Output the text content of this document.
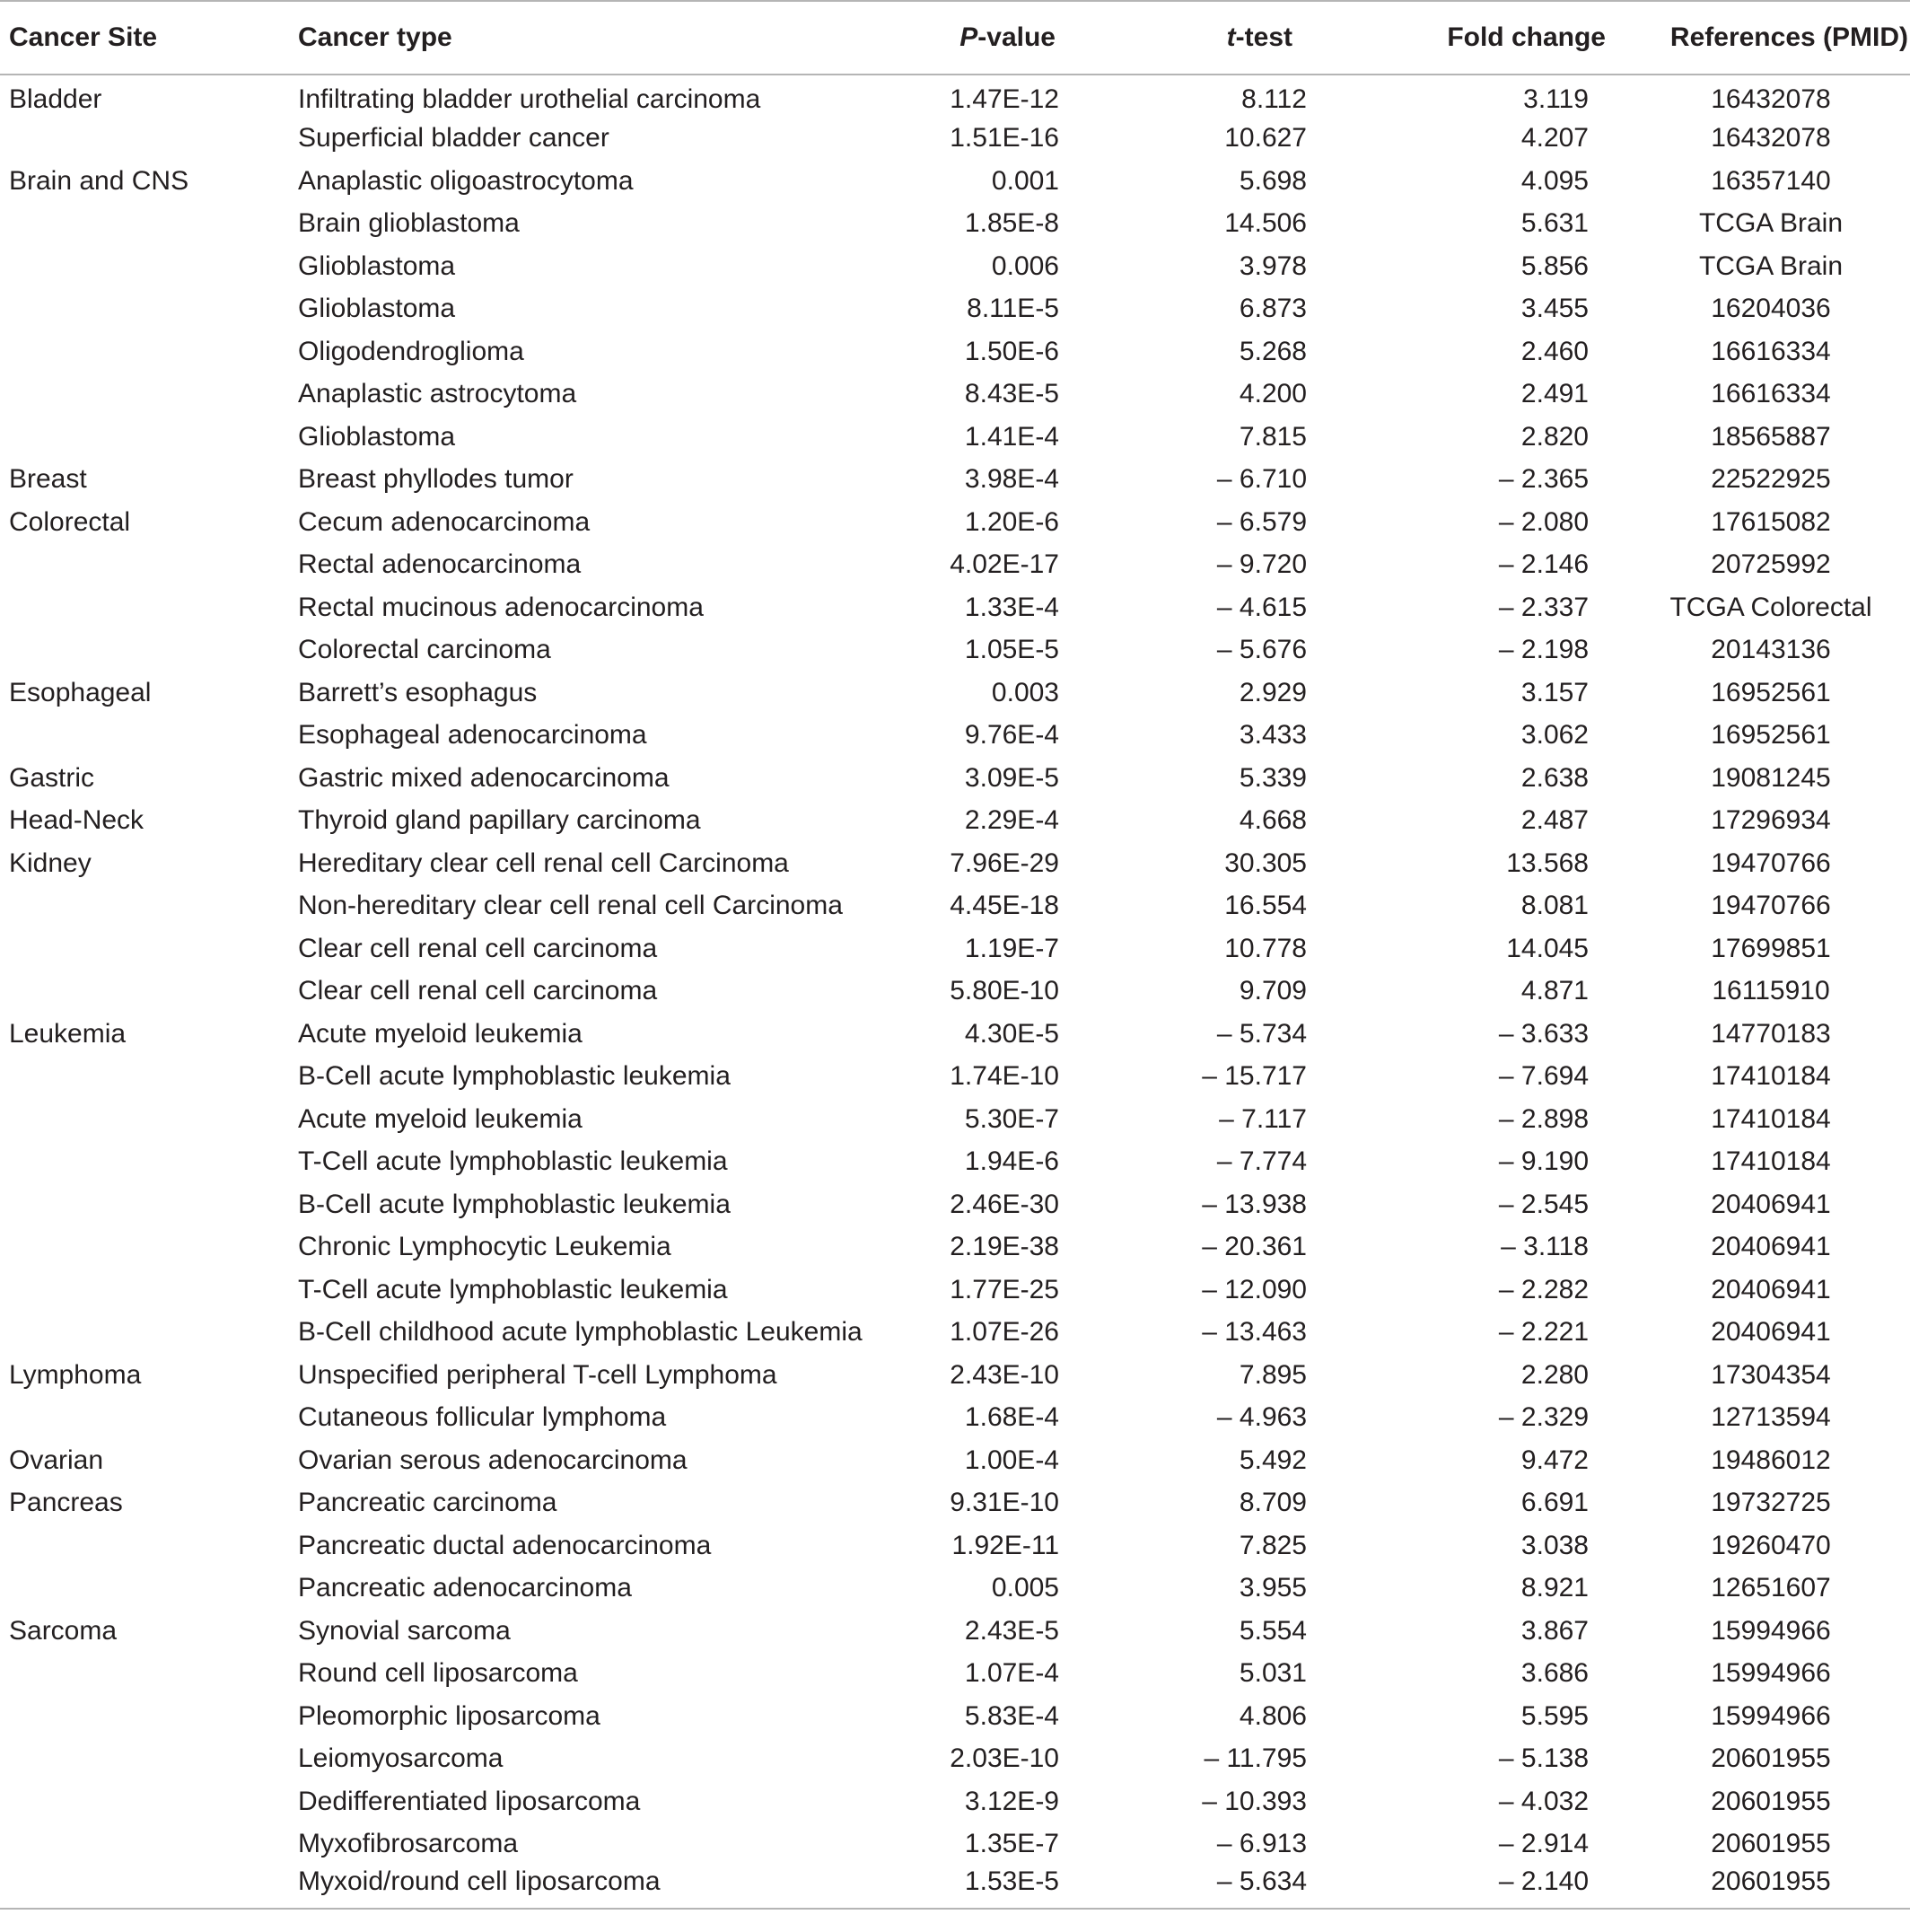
Cancer Site	Cancer type	P-value	t-test	Fold change	References (PMID)
Bladder	Infiltrating bladder urothelial carcinoma	1.47E-12	8.112	3.119	16432078
	Superficial bladder cancer	1.51E-16	10.627	4.207	16432078
Brain and CNS	Anaplastic oligoastrocytoma	0.001	5.698	4.095	16357140
	Brain glioblastoma	1.85E-8	14.506	5.631	TCGA Brain
	Glioblastoma	0.006	3.978	5.856	TCGA Brain
	Glioblastoma	8.11E-5	6.873	3.455	16204036
	Oligodendroglioma	1.50E-6	5.268	2.460	16616334
	Anaplastic astrocytoma	8.43E-5	4.200	2.491	16616334
	Glioblastoma	1.41E-4	7.815	2.820	18565887
Breast	Breast phyllodes tumor	3.98E-4	– 6.710	– 2.365	22522925
Colorectal	Cecum adenocarcinoma	1.20E-6	– 6.579	– 2.080	17615082
	Rectal adenocarcinoma	4.02E-17	– 9.720	– 2.146	20725992
	Rectal mucinous adenocarcinoma	1.33E-4	– 4.615	– 2.337	TCGA Colorectal
	Colorectal carcinoma	1.05E-5	– 5.676	– 2.198	20143136
Esophageal	Barrett’s esophagus	0.003	2.929	3.157	16952561
	Esophageal adenocarcinoma	9.76E-4	3.433	3.062	16952561
Gastric	Gastric mixed adenocarcinoma	3.09E-5	5.339	2.638	19081245
Head-Neck	Thyroid gland papillary carcinoma	2.29E-4	4.668	2.487	17296934
Kidney	Hereditary clear cell renal cell Carcinoma	7.96E-29	30.305	13.568	19470766
	Non-hereditary clear cell renal cell Carcinoma	4.45E-18	16.554	8.081	19470766
	Clear cell renal cell carcinoma	1.19E-7	10.778	14.045	17699851
	Clear cell renal cell carcinoma	5.80E-10	9.709	4.871	16115910
Leukemia	Acute myeloid leukemia	4.30E-5	– 5.734	– 3.633	14770183
	B-Cell acute lymphoblastic leukemia	1.74E-10	– 15.717	– 7.694	17410184
	Acute myeloid leukemia	5.30E-7	– 7.117	– 2.898	17410184
	T-Cell acute lymphoblastic leukemia	1.94E-6	– 7.774	– 9.190	17410184
	B-Cell acute lymphoblastic leukemia	2.46E-30	– 13.938	– 2.545	20406941
	Chronic Lymphocytic Leukemia	2.19E-38	– 20.361	– 3.118	20406941
	T-Cell acute lymphoblastic leukemia	1.77E-25	– 12.090	– 2.282	20406941
	B-Cell childhood acute lymphoblastic Leukemia	1.07E-26	– 13.463	– 2.221	20406941
Lymphoma	Unspecified peripheral T-cell Lymphoma	2.43E-10	7.895	2.280	17304354
	Cutaneous follicular lymphoma	1.68E-4	– 4.963	– 2.329	12713594
Ovarian	Ovarian serous adenocarcinoma	1.00E-4	5.492	9.472	19486012
Pancreas	Pancreatic carcinoma	9.31E-10	8.709	6.691	19732725
	Pancreatic ductal adenocarcinoma	1.92E-11	7.825	3.038	19260470
	Pancreatic adenocarcinoma	0.005	3.955	8.921	12651607
Sarcoma	Synovial sarcoma	2.43E-5	5.554	3.867	15994966
	Round cell liposarcoma	1.07E-4	5.031	3.686	15994966
	Pleomorphic liposarcoma	5.83E-4	4.806	5.595	15994966
	Leiomyosarcoma	2.03E-10	– 11.795	– 5.138	20601955
	Dedifferentiated liposarcoma	3.12E-9	– 10.393	– 4.032	20601955
	Myxofibrosarcoma	1.35E-7	– 6.913	– 2.914	20601955
	Myxoid/round cell liposarcoma	1.53E-5	– 5.634	– 2.140	20601955
